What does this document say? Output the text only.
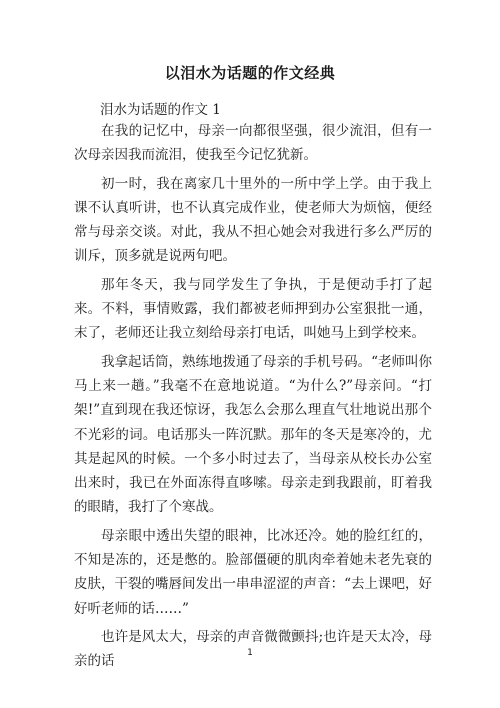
以泪水为话题的作文经典
泪水为话题的作文 1

在我的记忆中，母亲一向都很坚强，很少流泪，但有一次母亲因我而流泪，使我至今记忆犹新。

初一时，我在离家几十里外的一所中学上学。由于我上课不认真听讲，也不认真完成作业，使老师大为烦恼，便经常与母亲交谈。对此，我从不担心她会对我进行多么严厉的训斥，顶多就是说两句吧。

那年冬天，我与同学发生了争执，于是便动手打了起来。不料，事情败露，我们都被老师押到办公室狠批一通，末了，老师还让我立刻给母亲打电话，叫她马上到学校来。

我拿起话筒，熟练地拨通了母亲的手机号码。“老师叫你马上来一趟。”我毫不在意地说道。“为什么?”母亲问。“打架!”直到现在我还惊讶，我怎么会那么理直气壮地说出那个不光彩的词。电话那头一阵沉默。那年的冬天是寒冷的，尤其是起风的时候。一个多小时过去了，当母亲从校长办公室出来时，我已在外面冻得直哆嗦。母亲走到我跟前，盯着我的眼睛，我打了个寒战。

母亲眼中透出失望的眼神，比冰还冷。她的脸红红的，不知是冻的，还是憋的。脸部僵硬的肌肉牵着她未老先衰的皮肤，干裂的嘴唇间发出一串串涩涩的声音：“去上课吧，好好听老师的话……”

也许是风太大，母亲的声音微微颤抖;也许是天太冷，母亲的话

1
